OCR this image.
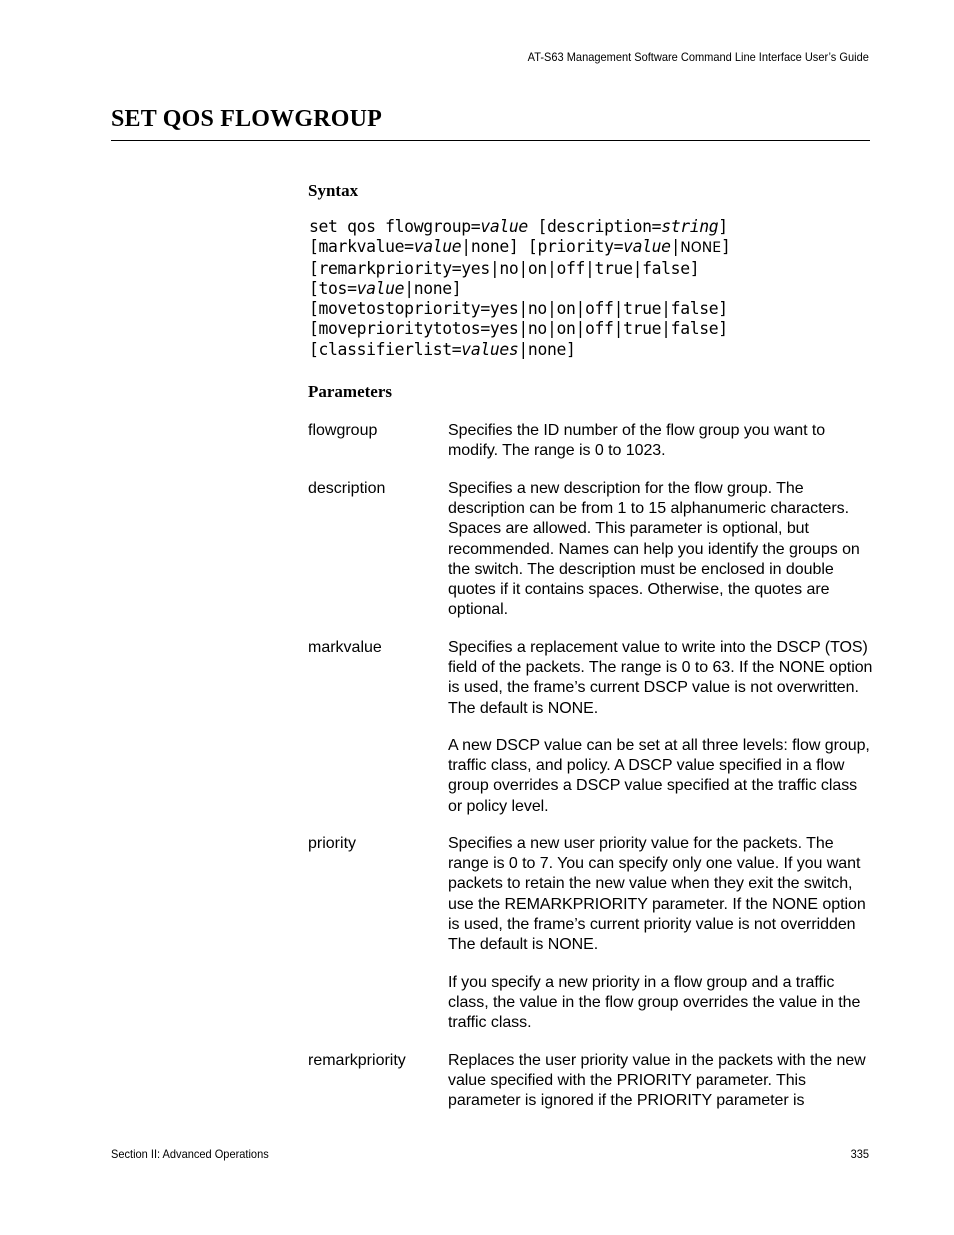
AT-S63 Management Software Command Line Interface User’s Guide
SET QOS FLOWGROUP
Syntax
set qos flowgroup=value [description=string]
[markvalue=value|none] [priority=value|NONE]
[remarkpriority=yes|no|on|off|true|false]
[tos=value|none]
[movetostopriority=yes|no|on|off|true|false]
[moveprioritytotos=yes|no|on|off|true|false]
[classifierlist=values|none]
Parameters
flowgroup	Specifies the ID number of the flow group you want to modify. The range is 0 to 1023.

description	Specifies a new description for the flow group. The description can be from 1 to 15 alphanumeric characters. Spaces are allowed. This parameter is optional, but recommended. Names can help you identify the groups on the switch. The description must be enclosed in double quotes if it contains spaces. Otherwise, the quotes are optional.

markvalue	Specifies a replacement value to write into the DSCP (TOS) field of the packets. The range is 0 to 63. If the NONE option is used, the frame’s current DSCP value is not overwritten. The default is NONE.

A new DSCP value can be set at all three levels: flow group, traffic class, and policy. A DSCP value specified in a flow group overrides a DSCP value specified at the traffic class or policy level.

priority	Specifies a new user priority value for the packets. The range is 0 to 7. You can specify only one value. If you want packets to retain the new value when they exit the switch, use the REMARKPRIORITY parameter. If the NONE option is used, the frame’s current priority value is not overridden The default is NONE.

If you specify a new priority in a flow group and a traffic class, the value in the flow group overrides the value in the traffic class.

remarkpriority	Replaces the user priority value in the packets with the new value specified with the PRIORITY parameter. This parameter is ignored if the PRIORITY parameter is

Section II: Advanced Operations	335
